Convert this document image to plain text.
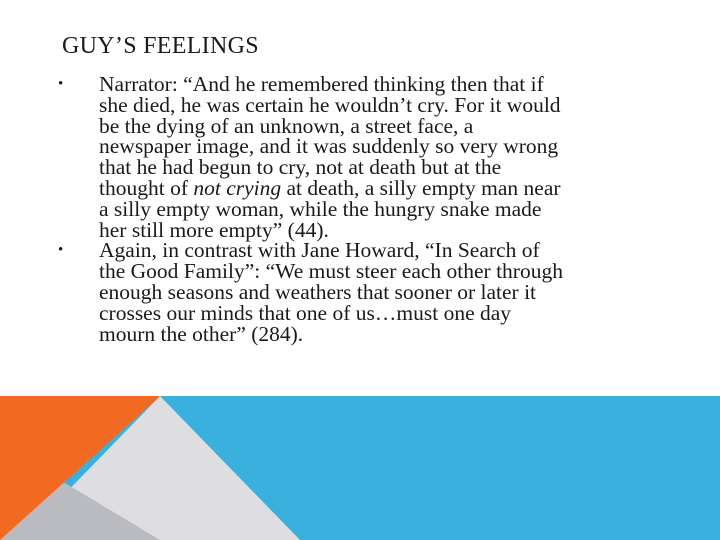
GUY’S FEELINGS
•	Narrator: “And he remembered thinking then that if
she died, he was certain he wouldn’t cry. For it would
be the dying of an unknown, a street face, a
newspaper image, and it was suddenly so very wrong
that he had begun to cry, not at death but at the
thought of not crying at death, a silly empty man near
a silly empty woman, while the hungry snake made
her still more empty” (44).
•	Again, in contrast with Jane Howard, “In Search of
the Good Family”: “We must steer each other through
enough seasons and weathers that sooner or later it
crosses our minds that one of us…must one day
mourn the other” (284).
